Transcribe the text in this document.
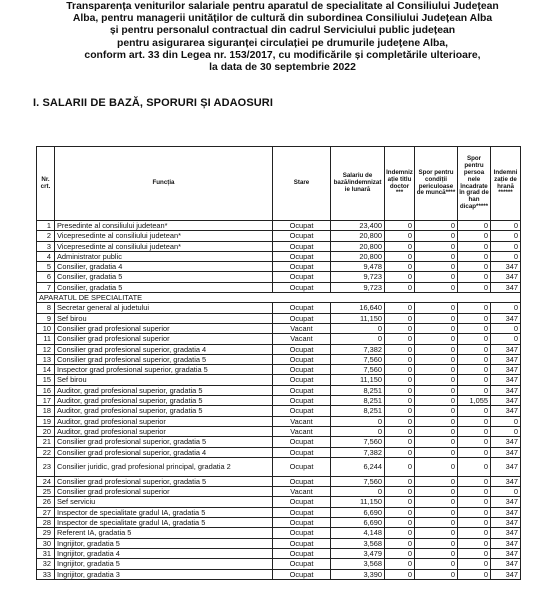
Transparența veniturilor salariale pentru aparatul de specialitate al Consiliului Județean
Alba, pentru managerii unităților de cultură din subordinea Consiliului Județean Alba
și pentru personalul contractual din cadrul Serviciului public județean
pentru asigurarea siguranței circulației pe drumurile județene Alba,
conform art. 33 din Legea nr. 153/2017, cu modificările și completările ulterioare,
la data de 30 septembrie 2022
I. SALARII DE BAZĂ, SPORURI ȘI ADAOSURI
Nr. crt.	Funcția	Stare	Salariu de bază/indemnizat ie lunară	Indemniz ație titlu doctor ***	Spor pentru condiții periculoase de muncă****	Spor pentru persoa nele încadrate în grad de han dicap*****	Indemni zație de hrană ******
1	Presedinte al consiliului judetean*	Ocupat	23,400	0	0	0	0
2	Vicepresedinte al consiliului judetean*	Ocupat	20,800	0	0	0	0
3	Vicepresedinte al consiliului judetean*	Ocupat	20,800	0	0	0	0
4	Administrator public	Ocupat	20,800	0	0	0	0
5	Consilier, gradatia 4	Ocupat	9,478	0	0	0	347
6	Consilier, gradatia 5	Ocupat	9,723	0	0	0	347
7	Consilier, gradatia 5	Ocupat	9,723	0	0	0	347
APARATUL DE SPECIALITATE							
8	Secretar general al judetului	Ocupat	16,640	0	0	0	0
9	Sef birou	Ocupat	11,150	0	0	0	347
10	Consilier grad profesional superior	Vacant	0	0	0	0	0
11	Consilier grad profesional superior	Vacant	0	0	0	0	0
12	Consilier grad profesional superior, gradatia 4	Ocupat	7,382	0	0	0	347
13	Consilier grad profesional superior, gradatia 5	Ocupat	7,560	0	0	0	347
14	Inspector grad profesional superior, gradatia 5	Ocupat	7,560	0	0	0	347
15	Sef birou	Ocupat	11,150	0	0	0	347
16	Auditor, grad profesional superior, gradatia 5	Ocupat	8,251	0	0	0	347
17	Auditor, grad profesional superior, gradatia 5	Ocupat	8,251	0	0	1,055	347
18	Auditor, grad profesional superior, gradatia 5	Ocupat	8,251	0	0	0	347
19	Auditor, grad profesional superior	Vacant	0	0	0	0	0
20	Auditor, grad profesional superior	Vacant	0	0	0	0	0
21	Consilier grad profesional superior, gradatia 5	Ocupat	7,560	0	0	0	347
22	Consilier grad profesional superior, gradatia 4	Ocupat	7,382	0	0	0	347
23	Consilier juridic, grad profesional principal, gradatia 2	Ocupat	6,244	0	0	0	347
24	Consilier grad profesional superior, gradatia 5	Ocupat	7,560	0	0	0	347
25	Consilier grad profesional superior	Vacant	0	0	0	0	0
26	Sef serviciu	Ocupat	11,150	0	0	0	347
27	Inspector de specialitate gradul IA, gradatia 5	Ocupat	6,690	0	0	0	347
28	Inspector de specialitate gradul IA, gradatia 5	Ocupat	6,690	0	0	0	347
29	Referent IA, gradatia 5	Ocupat	4,148	0	0	0	347
30	Ingrijitor, gradatia 5	Ocupat	3,568	0	0	0	347
31	Ingrijitor, gradatia 4	Ocupat	3,479	0	0	0	347
32	Ingrijitor, gradatia 5	Ocupat	3,568	0	0	0	347
33	Ingrijitor, gradatia 3	Ocupat	3,390	0	0	0	347
